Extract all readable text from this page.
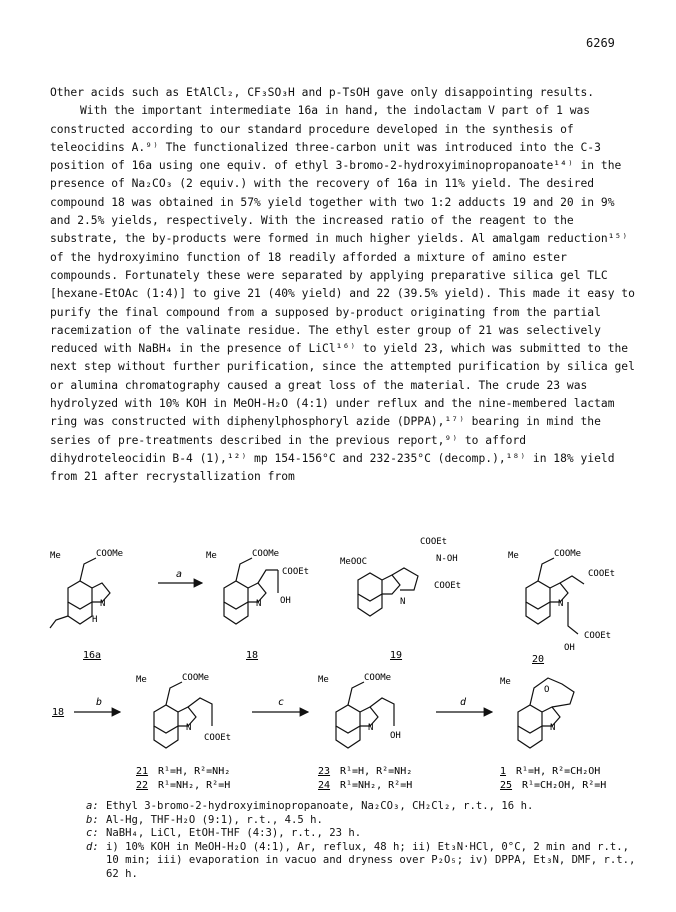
6269

Other acids such as EtAlCl₂, CF₃SO₃H and p-TsOH gave only disappointing results.

With the important intermediate 16a in hand, the indolactam V part of 1 was constructed according to our standard procedure developed in the synthesis of teleocidins A.⁹⁾ The functionalized three-carbon unit was introduced into the C-3 position of 16a using one equiv. of ethyl 3-bromo-2-hydroxyiminopropanoate¹⁴⁾ in the presence of Na₂CO₃ (2 equiv.) with the recovery of 16a in 11% yield. The desired compound 18 was obtained in 57% yield together with two 1:2 adducts 19 and 20 in 9% and 2.5% yields, respectively. With the increased ratio of the reagent to the substrate, the by-products were formed in much higher yields. Al amalgam reduction¹⁵⁾ of the hydroxyimino function of 18 readily afforded a mixture of amino ester compounds. Fortunately these were separated by applying preparative silica gel TLC [hexane-EtOAc (1:4)] to give 21 (40% yield) and 22 (39.5% yield). This made it easy to purify the final compound from a supposed by-product originating from the partial racemization of the valinate residue. The ethyl ester group of 21 was selectively reduced with NaBH₄ in the presence of LiCl¹⁶⁾ to yield 23, which was submitted to the next step without further purification, since the attempted purification by silica gel or alumina chromatography caused a great loss of the material. The crude 23 was hydrolyzed with 10% KOH in MeOH-H₂O (4:1) under reflux and the nine-membered lactam ring was constructed with diphenylphosphoryl azide (DPPA),¹⁷⁾ bearing in mind the series of pre-treatments described in the previous report,⁹⁾ to afford dihydroteleocidin B-4 (1),¹²⁾ mp 154-156°C and 232-235°C (decomp.),¹⁸⁾ in 18% yield from 21 after recrystallization from

Me	COOMe
N
H
16a
a
Me	COOMe
COOEt
OH
N
18
COOEt
N-OH
COOEt
MeOOC
N
19
Me	COOMe
COOEt
COOEt
OH
N
20
18
b
Me	COOMe
COOEt
N
21 R¹=H, R²=NH₂
22 R¹=NH₂, R²=H
c
Me	COOMe
OH
N
23 R¹=H, R²=NH₂
24 R¹=NH₂, R²=H
d
Me
O
N
1 R¹=H, R²=CH₂OH
25 R¹=CH₂OH, R²=H
a: Ethyl 3-bromo-2-hydroxyiminopropanoate, Na₂CO₃, CH₂Cl₂, r.t., 16 h.
b: Al-Hg, THF-H₂O (9:1), r.t., 4.5 h.
c: NaBH₄, LiCl, EtOH-THF (4:3), r.t., 23 h.
d: i) 10% KOH in MeOH-H₂O (4:1), Ar, reflux, 48 h; ii) Et₃N·HCl, 0°C, 2 min and r.t., 10 min; iii) evaporation in vacuo and dryness over P₂O₅; iv) DPPA, Et₃N, DMF, r.t., 62 h.
